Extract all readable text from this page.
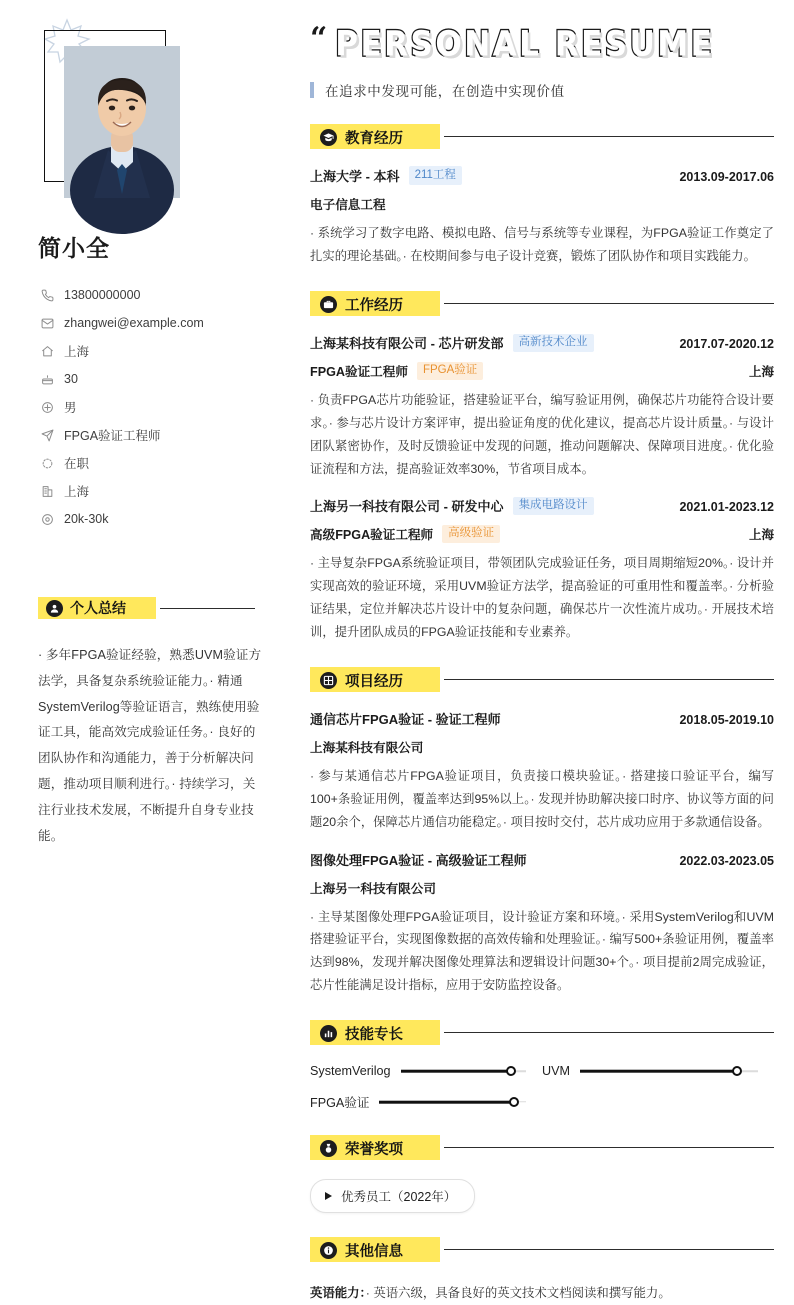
简小全
13800000000
zhangwei@example.com
上海
30
男
FPGA验证工程师
在职
上海
20k-30k
个人总结

· 多年FPGA验证经验，熟悉UVM验证方法学，具备复杂系统验证能力。· 精通SystemVerilog等验证语言，熟练使用验证工具，能高效完成验证任务。· 良好的团队协作和沟通能力，善于分析解决问题，推动项目顺利进行。· 持续学习，关注行业技术发展，不断提升自身专业技能。

“ PERSONAL RESUME
在追求中发现可能，在创造中实现价值
教育经历
上海大学 - 本科	211工程	2013.09-2017.06
电子信息工程

· 系统学习了数字电路、模拟电路、信号与系统等专业课程，为FPGA验证工作奠定了扎实的理论基础。· 在校期间参与电子设计竞赛，锻炼了团队协作和项目实践能力。

工作经历
上海某科技有限公司 - 芯片研发部	高新技术企业	2017.07-2020.12
FPGA验证工程师	FPGA验证	上海

· 负责FPGA芯片功能验证，搭建验证平台，编写验证用例，确保芯片功能符合设计要求。· 参与芯片设计方案评审，提出验证角度的优化建议，提高芯片设计质量。· 与设计团队紧密协作，及时反馈验证中发现的问题，推动问题解决、保障项目进度。· 优化验证流程和方法，提高验证效率30%，节省项目成本。

上海另一科技有限公司 - 研发中心	集成电路设计	2021.01-2023.12
高级FPGA验证工程师	高级验证	上海

· 主导复杂FPGA系统验证项目，带领团队完成验证任务，项目周期缩短20%。· 设计并实现高效的验证环境，采用UVM验证方法学，提高验证的可重用性和覆盖率。· 分析验证结果，定位并解决芯片设计中的复杂问题，确保芯片一次性流片成功。· 开展技术培训，提升团队成员的FPGA验证技能和专业素养。

项目经历
通信芯片FPGA验证 - 验证工程师	2018.05-2019.10
上海某科技有限公司

· 参与某通信芯片FPGA验证项目，负责接口模块验证。· 搭建接口验证平台，编写100+条验证用例，覆盖率达到95%以上。· 发现并协助解决接口时序、协议等方面的问题20余个，保障芯片通信功能稳定。· 项目按时交付，芯片成功应用于多款通信设备。

图像处理FPGA验证 - 高级验证工程师	2022.03-2023.05
上海另一科技有限公司

· 主导某图像处理FPGA验证项目，设计验证方案和环境。· 采用SystemVerilog和UVM搭建验证平台，实现图像数据的高效传输和处理验证。· 编写500+条验证用例，覆盖率达到98%，发现并解决图像处理算法和逻辑设计问题30+个。· 项目提前2周完成验证，芯片性能满足设计指标，应用于安防监控设备。

技能专长
SystemVerilog	UVM
FPGA验证
荣誉奖项
优秀员工（2022年）
其他信息

英语能力：· 英语六级，具备良好的英文技术文档阅读和撰写能力。
